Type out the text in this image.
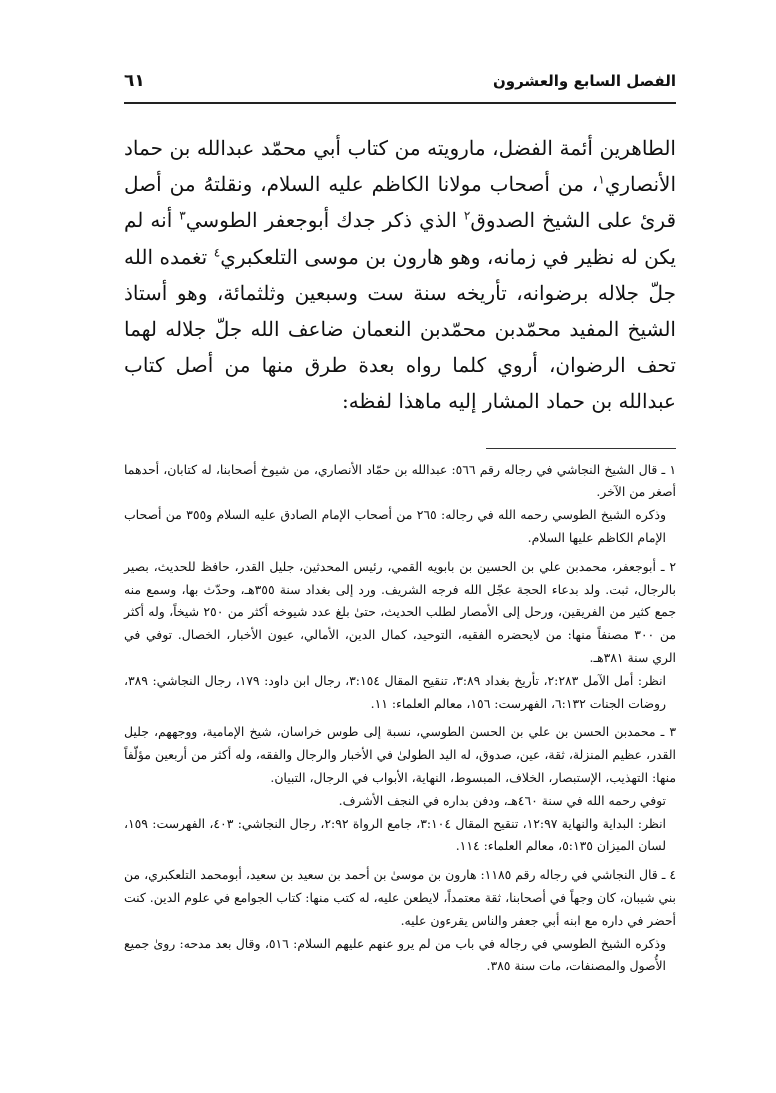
الفصل السابع والعشرون
٦١
الطاهرين أئمة الفضل، مارويته من كتاب أبي محمّد عبدالله بن حماد الأنصاري$^١$، من أصحاب مولانا الكاظم عليه السلام، ونقلتهُ من أصل قرئ على الشيخ الصدوق$^٢$ الذي ذكر جدك أبوجعفر الطوسي$^٣$ أنه لم يكن له نظير في زمانه، وهو هارون بن موسى التلعكبري$^٤$ تغمده الله جلّ جلاله برضوانه، تأريخه سنة ست وسبعين وثلثمائة، وهو أستاذ الشيخ المفيد محمّدبن محمّدبن النعمان ضاعف الله جلّ جلاله لهما تحف الرضوان، أروي كلما رواه بعدة طرق منها من أصل كتاب عبدالله بن حماد المشار إليه ماهذا لفظه:

١ ـ قال الشيخ النجاشي في رجاله رقم ٥٦٦: عبدالله بن حمّاد الأنصاري، من شيوخ أصحابنا، له كتابان، أحدهما أصغر من الآخر.

وذكره الشيخ الطوسي رحمه الله في رجاله: ٢٦٥ من أصحاب الإمام الصادق عليه السلام و٣٥٥ من أصحاب الإمام الكاظم عليها السلام.

٢ ـ أبوجعفر، محمدبن علي بن الحسين بن بابويه القمي، رئيس المحدثين، جليل القدر، حافظ للحديث، بصير بالرجال، ثبت. ولد بدعاء الحجة عجّل الله فرجه الشريف. ورد إلى بغداد سنة ٣٥٥هـ، وحدّث بها، وسمع منه جمع كثير من الفريقين، ورحل إلى الأمصار لطلب الحديث، حتىٰ بلغ عدد شيوخه أكثر من ٢٥٠ شيخاً، وله أكثر من ٣٠٠ مصنفاً منها: من لايحضره الفقيه، التوحيد، كمال الدين، الأمالي، عيون الأخبار، الخصال. توفي في الري سنة ٣٨١هـ.

انظر: أمل الآمل ٢:٢٨٣، تأريخ بغداد ٣:٨٩، تنقيح المقال ٣:١٥٤، رجال ابن داود: ١٧٩، رجال النجاشي: ٣٨٩، روضات الجنات ٦:١٣٢، الفهرست: ١٥٦، معالم العلماء: ١١.

٣ ـ محمدبن الحسن بن علي بن الحسن الطوسي، نسبة إلى طوس خراسان، شيخ الإمامية، ووجههم، جليل القدر، عظيم المنزلة، ثقة، عين، صدوق، له اليد الطولىٰ في الأخبار والرجال والفقه، وله أكثر من أربعين مؤلّفاً منها: التهذيب، الإستبصار، الخلاف، المبسوط، النهاية، الأبواب في الرجال، التبيان.

توفي رحمه الله في سنة ٤٦٠هـ، ودفن بداره في النجف الأشرف.

انظر: البداية والنهاية ١٢:٩٧، تنقيح المقال ٣:١٠٤، جامع الرواة ٢:٩٢، رجال النجاشي: ٤٠٣، الفهرست: ١٥٩، لسان الميزان ٥:١٣٥، معالم العلماء: ١١٤.

٤ ـ قال النجاشي في رجاله رقم ١١٨٥: هارون بن موسىٰ بن أحمد بن سعيد بن سعيد، أبومحمد التلعكبري، من بني شيبان، كان وجهاً في أصحابنا، ثقة معتمداً، لايطعن عليه، له كتب منها: كتاب الجوامع في علوم الدين. كنت أحضر في داره مع ابنه أبي جعفر والناس يقرءون عليه.

وذكره الشيخ الطوسي في رجاله في باب من لم يرو عنهم عليهم السلام: ٥١٦، وقال بعد مدحه: روىٰ جميع الأُصول والمصنفات، مات سنة ٣٨٥.
